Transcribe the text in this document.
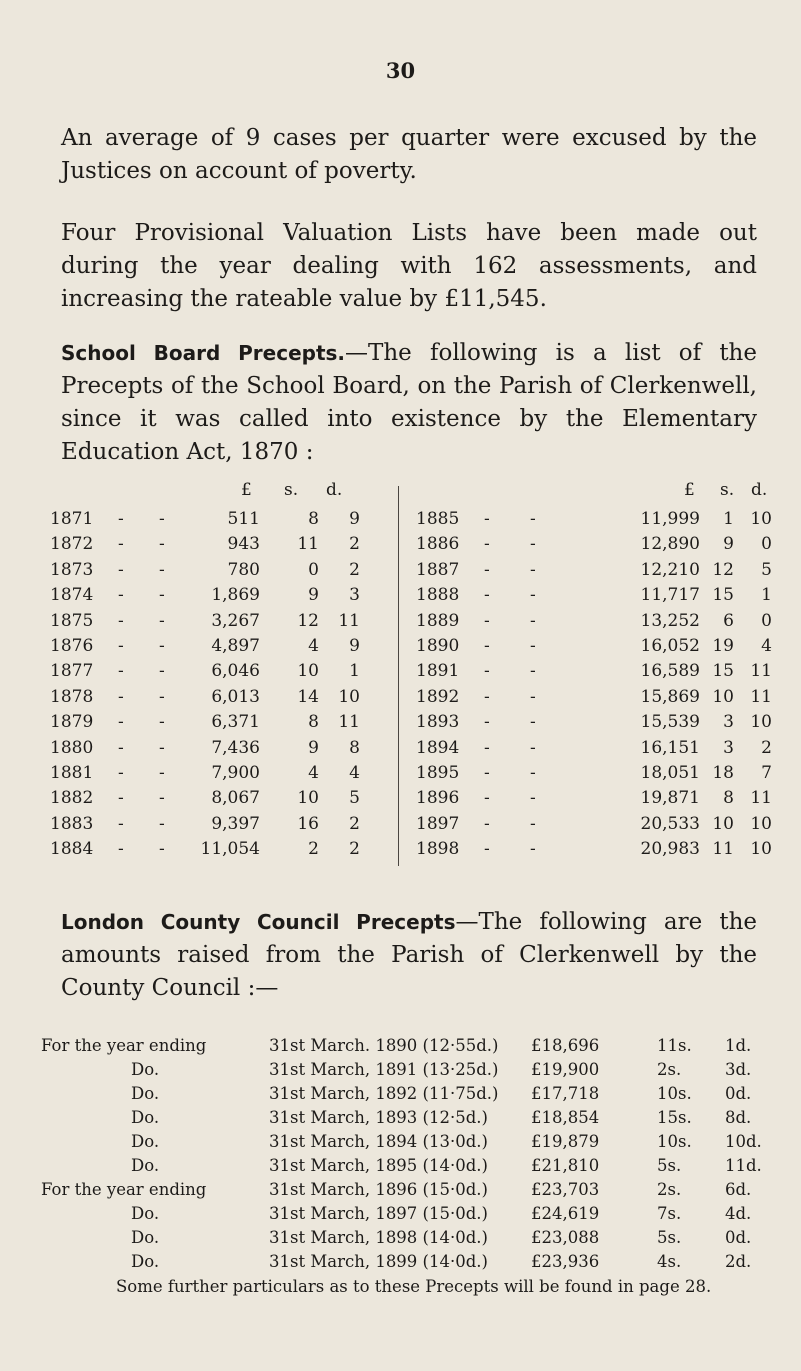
30

An average of 9 cases per quarter were excused by the Justices on account of poverty.

Four Provisional Valuation Lists have been made out during the year dealing with 162 assessments, and increasing the rateable value by £11,545.

School Board Precepts.—The following is a list of the Precepts of the School Board, on the Parish of Clerkenwell, since it was called into existence by the Elementary Education Act, 1870 :

£ s. d.	£ s. d.
1871 - -	511	8 9
1872 - -	943 11 2
1873 - -	780	0 2
1874 - -	1,869	9 3
1875 - -	3,267 12 11
1876 - -	4,897	4 9
1877 - -	6,046 10 1
1878 - -	6,013 14 10
1879 - -	6,371	8 11
1880 - -	7,436	9 8
1881 - -	7,900	4 4
1882 - -	8,067 10 5
1883 - -	9,397 16 2
1884 - - 11,054	2 2
1885 - -	11,999 1 10
1886 - -	12,890 9 0
1887 - -	12,210 12 5
1888 - -	11,717 15 1
1889 - -	13,252 6 0
1890 - -	16,052 19 4
1891 - -	16,589 15 11
1892 - -	15,869 10 11
1893 - -	15,539 3 10
1894 - -	16,151 3 2
1895 - -	18,051 18 7
1896 - -	19,871 8 11
1897 - -	20,533 10 10
1898 - -	20,983 11 10

London County Council Precepts—The following are the amounts raised from the Parish of Clerkenwell by the County Council :—

For the year ending	31st March. 1890 (12·55d.) £18,696	11s. 1d.
Do.	31st March, 1891 (13·25d.) £19,900	2s.	3d.
Do.	31st March, 1892 (11·75d.) £17,718	10s. 0d.
Do.	31st March, 1893 (12·5d.)	£18,854	15s. 8d.
Do.	31st March, 1894 (13·0d.)	£19,879	10s. 10d.
Do.	31st March, 1895 (14·0d.)	£21,810	5s.	11d.
For the year ending	31st March, 1896 (15·0d.)	£23,703	2s.	6d.
Do.	31st March, 1897 (15·0d.)	£24,619	7s.	4d.
Do.	31st March, 1898 (14·0d.)	£23,088	5s.	0d.
Do.	31st March, 1899 (14·0d.)	£23,936	4s.	2d.

Some further particulars as to these Precepts will be found in page 28.
